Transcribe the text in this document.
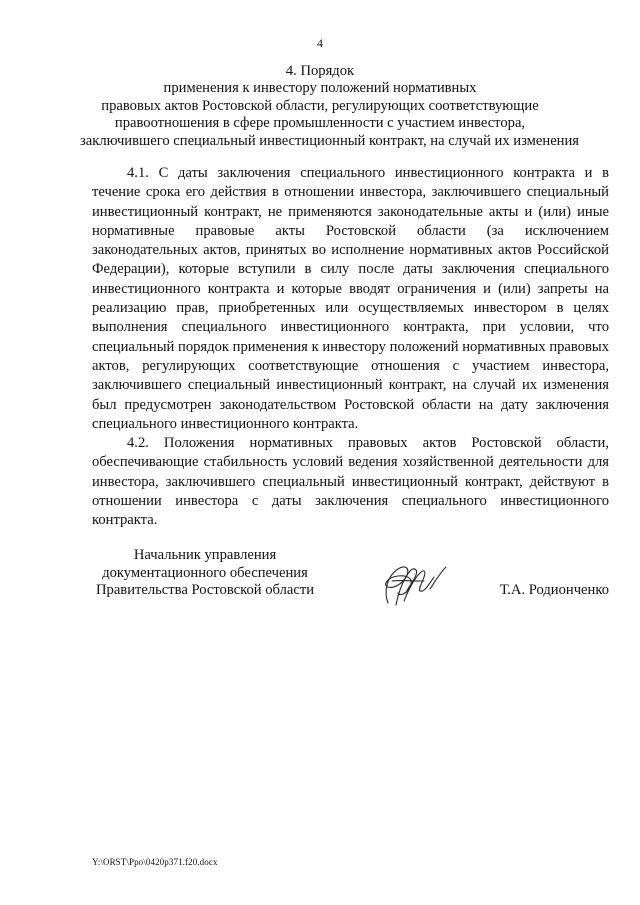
4
4. Порядок
применения к инвестору положений нормативных
правовых актов Ростовской области, регулирующих соответствующие
правоотношения в сфере промышленности с участием инвестора,
заключившего специальный инвестиционный контракт, на случай их изменения

4.1. С даты заключения специального инвестиционного контракта и в течение срока его действия в отношении инвестора, заключившего специальный инвестиционный контракт, не применяются законодательные акты и (или) иные нормативные правовые акты Ростовской области (за исключением законодательных актов, принятых во исполнение нормативных актов Российской Федерации), которые вступили в силу после даты заключения специального инвестиционного контракта и которые вводят ограничения и (или) запреты на реализацию прав, приобретенных или осуществляемых инвестором в целях выполнения специального инвестиционного контракта, при условии, что специальный порядок применения к инвестору положений нормативных правовых актов, регулирующих соответствующие отношения с участием инвестора, заключившего специальный инвестиционный контракт, на случай их изменения был предусмотрен законодательством Ростовской области на дату заключения специального инвестиционного контракта.

4.2. Положения нормативных правовых актов Ростовской области, обеспечивающие стабильность условий ведения хозяйственной деятельности для инвестора, заключившего специальный инвестиционный контракт, действуют в отношении инвестора с даты заключения специального инвестиционного контракта.

Начальник управления
документационного обеспечения
Правительства Ростовской области	Т.А. Родионченко
Y:\ORST\Ppo\0420p371.f20.docx
